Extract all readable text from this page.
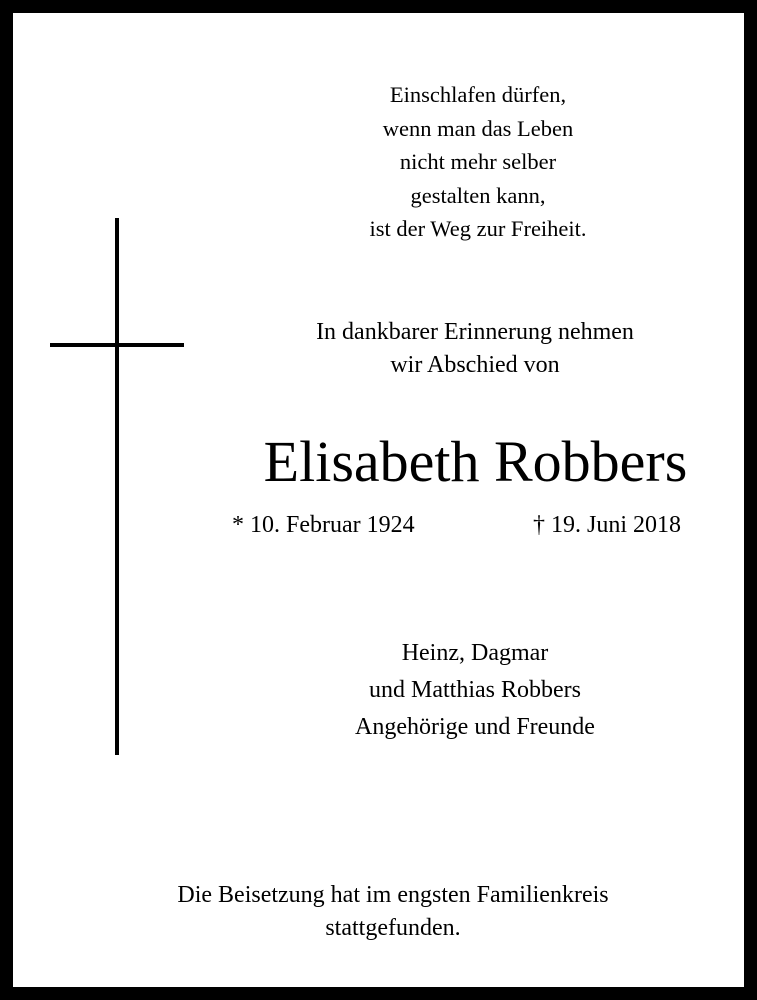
Einschlafen dürfen,
wenn man das Leben
nicht mehr selber
gestalten kann,
ist der Weg zur Freiheit.
In dankbarer Erinnerung nehmen
wir Abschied von
Elisabeth Robbers
* 10. Februar 1924	† 19. Juni 2018
Heinz, Dagmar
und Matthias Robbers
Angehörige und Freunde
Die Beisetzung hat im engsten Familienkreis
stattgefunden.
